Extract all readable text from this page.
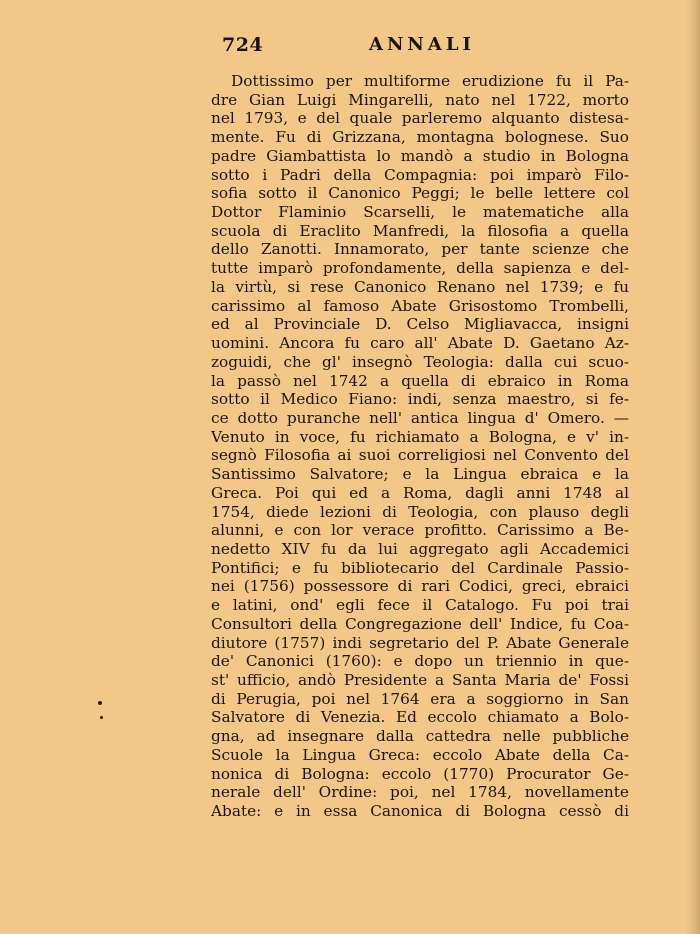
724	ANNALI
Dottissimo per multiforme erudizione fu il Pa-
dre Gian Luigi Mingarelli, nato nel 1722, morto
nel 1793, e del quale parleremo alquanto distesa-
mente. Fu di Grizzana, montagna bolognese. Suo
padre Giambattista lo mandò a studio in Bologna
sotto i Padri della Compagnia: poi imparò Filo-
sofia sotto il Canonico Peggi; le belle lettere col
Dottor Flaminio Scarselli, le matematiche alla
scuola di Eraclito Manfredi, la filosofia a quella
dello Zanotti. Innamorato, per tante scienze che
tutte imparò profondamente, della sapienza e del-
la virtù, si rese Canonico Renano nel 1739; e fu
carissimo al famoso Abate Grisostomo Trombelli,
ed al Provinciale D. Celso Migliavacca, insigni
uomini. Ancora fu caro all' Abate D. Gaetano Az-
zoguidi, che gl' insegnò Teologia: dalla cui scuo-
la passò nel 1742 a quella di ebraico in Roma
sotto il Medico Fiano: indi, senza maestro, si fe-
ce dotto puranche nell' antica lingua d' Omero. —
Venuto in voce, fu richiamato a Bologna, e v' in-
segnò Filosofia ai suoi correligiosi nel Convento del
Santissimo Salvatore; e la Lingua ebraica e la
Greca. Poi qui ed a Roma, dagli anni 1748 al
1754, diede lezioni di Teologia, con plauso degli
alunni, e con lor verace profitto. Carissimo a Be-
nedetto XIV fu da lui aggregato agli Accademici
Pontifici; e fu bibliotecario del Cardinale Passio-
nei (1756) possessore di rari Codici, greci, ebraici
e latini, ond' egli fece il Catalogo. Fu poi trai
Consultori della Congregazione dell' Indice, fu Coa-
diutore (1757) indi segretario del P. Abate Generale
de' Canonici (1760): e dopo un triennio in que-
st' ufficio, andò Presidente a Santa Maria de' Fossi
di Perugia, poi nel 1764 era a soggiorno in San
Salvatore di Venezia. Ed eccolo chiamato a Bolo-
gna, ad insegnare dalla cattedra nelle pubbliche
Scuole la Lingua Greca: eccolo Abate della Ca-
nonica di Bologna: eccolo (1770) Procurator Ge-
nerale dell' Ordine: poi, nel 1784, novellamente
Abate: e in essa Canonica di Bologna cessò di
